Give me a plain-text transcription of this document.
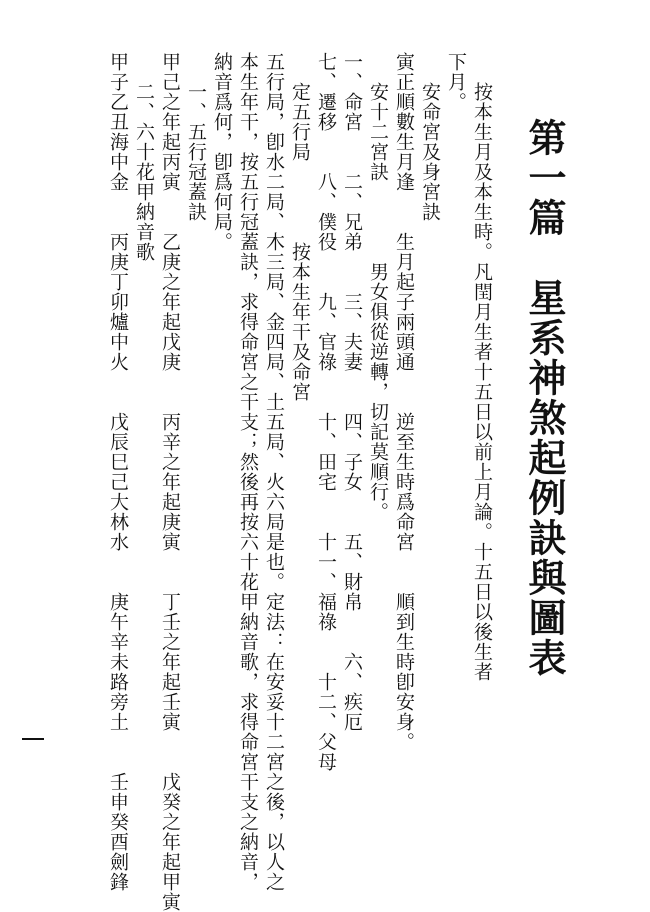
第一篇星系神煞起例訣與圖表
按本生月及本生時。凡閏月生者十五日以前上月論。十五日以後生者
下月。
安命宮及身宮訣
寅正順數生月逢　　生月起子兩頭通　　逆至生時爲命宮　　順到生時卽安身。
安十二宮訣　　　　男女俱從逆轉，切記莫順行。
一、命宮　　二、兄弟　　三、夫妻　　四、子女　　五、財帛　　六、疾厄
七、遷移　　八、僕役　　九、官祿　　十、田宅　　十一、福祿　　十二、父母
定五行局　　　　按本生年干及命宮
五行局，卽水二局、木三局、金四局、土五局、火六局是也。定法：在安妥十二宮之後，以人之
本生年干，按五行冠蓋訣，求得命宮之干支；然後再按六十花甲納音歌，求得命宮干支之納音，
納音爲何，卽爲何局。
一、五行冠蓋訣
甲己之年起丙寅　　乙庚之年起戊庚　　丙辛之年起庚寅　　丁壬之年起壬寅　　戊癸之年起甲寅
二、六十花甲納音歌
甲子乙丑海中金　　丙庚丁卯爐中火　　戊辰巳己大林水　　庚午辛未路旁土　　壬申癸酉劍鋒
